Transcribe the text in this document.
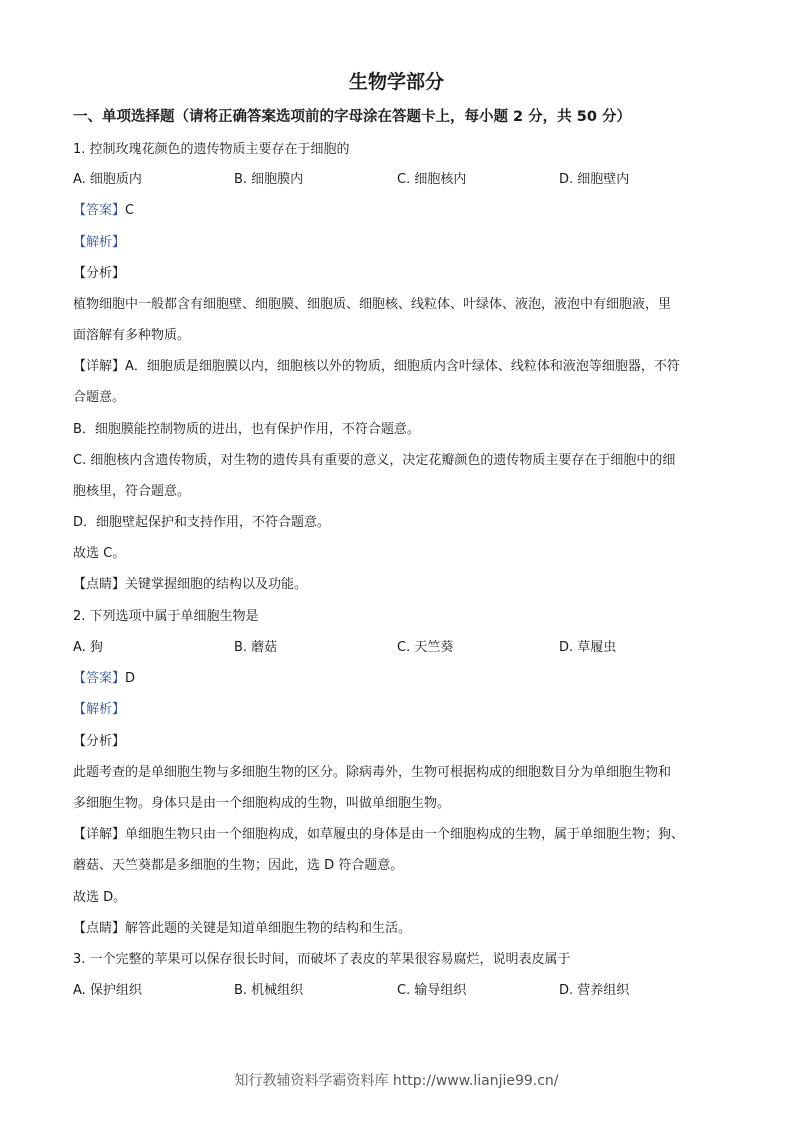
生物学部分
一、单项选择题（请将正确答案选项前的字母涂在答题卡上，每小题 2 分，共 50 分）
1. 控制玫瑰花颜色的遗传物质主要存在于细胞的
A. 细胞质内	B. 细胞膜内	C. 细胞核内	D. 细胞壁内
【答案】C
【解析】
【分析】
植物细胞中一般都含有细胞壁、细胞膜、细胞质、细胞核、线粒体、叶绿体、液泡，液泡中有细胞液，里
面溶解有多种物质。
【详解】A．细胞质是细胞膜以内，细胞核以外的物质，细胞质内含叶绿体、线粒体和液泡等细胞器，不符
合题意。
B．细胞膜能控制物质的进出，也有保护作用，不符合题意。
C. 细胞核内含遗传物质，对生物的遗传具有重要的意义，决定花瓣颜色的遗传物质主要存在于细胞中的细
胞核里，符合题意。
D．细胞壁起保护和支持作用，不符合题意。
故选 C。
【点睛】关键掌握细胞的结构以及功能。
2. 下列选项中属于单细胞生物是
A. 狗	B. 蘑菇	C. 天竺葵	D. 草履虫
【答案】D
【解析】
【分析】
此题考查的是单细胞生物与多细胞生物的区分。除病毒外，生物可根据构成的细胞数目分为单细胞生物和
多细胞生物。身体只是由一个细胞构成的生物，叫做单细胞生物。
【详解】单细胞生物只由一个细胞构成，如草履虫的身体是由一个细胞构成的生物，属于单细胞生物；狗、
蘑菇、天竺葵都是多细胞的生物；因此，选 D 符合题意。
故选 D。
【点睛】解答此题的关键是知道单细胞生物的结构和生活。
3. 一个完整的苹果可以保存很长时间，而破坏了表皮的苹果很容易腐烂，说明表皮属于
A. 保护组织	B. 机械组织	C. 输导组织	D. 营养组织
知行教辅资料学霸资料库 http://www.lianjie99.cn/
